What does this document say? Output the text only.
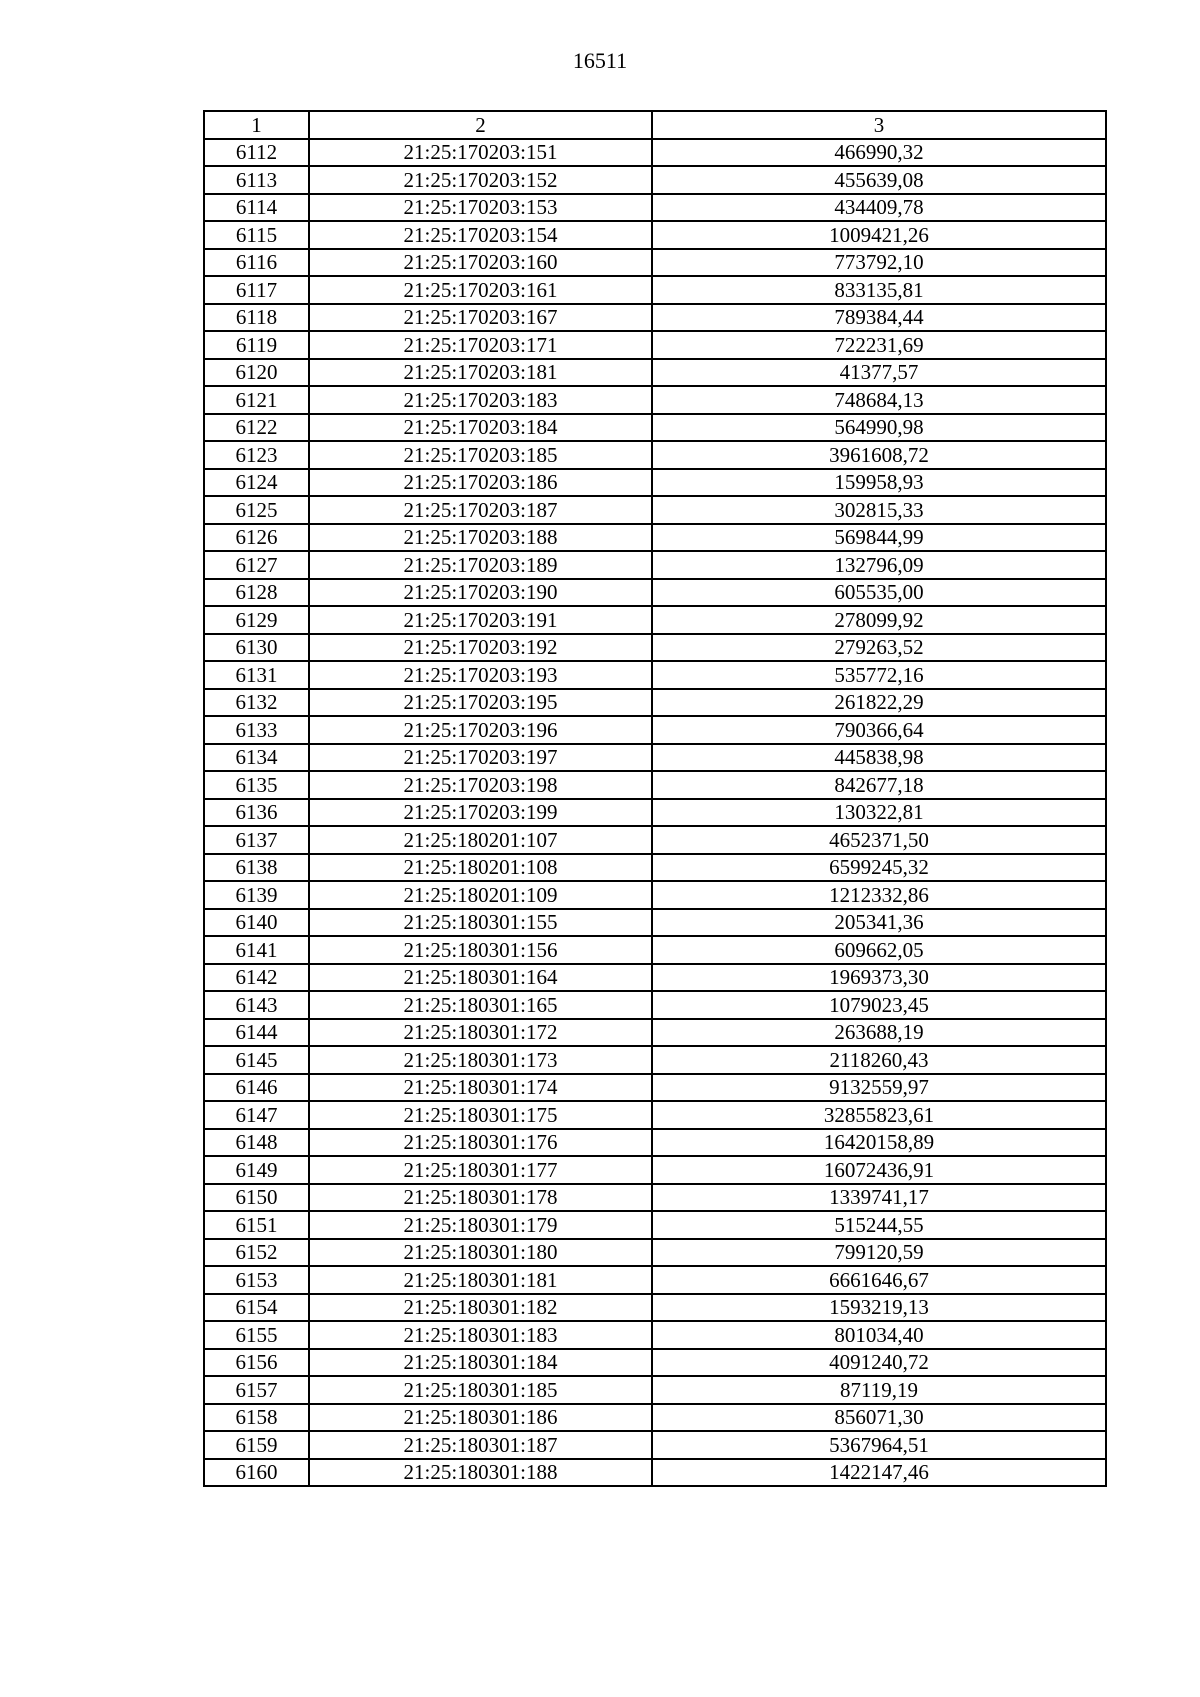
16511
1	2	3
6112	21:25:170203:151	466990,32
6113	21:25:170203:152	455639,08
6114	21:25:170203:153	434409,78
6115	21:25:170203:154	1009421,26
6116	21:25:170203:160	773792,10
6117	21:25:170203:161	833135,81
6118	21:25:170203:167	789384,44
6119	21:25:170203:171	722231,69
6120	21:25:170203:181	41377,57
6121	21:25:170203:183	748684,13
6122	21:25:170203:184	564990,98
6123	21:25:170203:185	3961608,72
6124	21:25:170203:186	159958,93
6125	21:25:170203:187	302815,33
6126	21:25:170203:188	569844,99
6127	21:25:170203:189	132796,09
6128	21:25:170203:190	605535,00
6129	21:25:170203:191	278099,92
6130	21:25:170203:192	279263,52
6131	21:25:170203:193	535772,16
6132	21:25:170203:195	261822,29
6133	21:25:170203:196	790366,64
6134	21:25:170203:197	445838,98
6135	21:25:170203:198	842677,18
6136	21:25:170203:199	130322,81
6137	21:25:180201:107	4652371,50
6138	21:25:180201:108	6599245,32
6139	21:25:180201:109	1212332,86
6140	21:25:180301:155	205341,36
6141	21:25:180301:156	609662,05
6142	21:25:180301:164	1969373,30
6143	21:25:180301:165	1079023,45
6144	21:25:180301:172	263688,19
6145	21:25:180301:173	2118260,43
6146	21:25:180301:174	9132559,97
6147	21:25:180301:175	32855823,61
6148	21:25:180301:176	16420158,89
6149	21:25:180301:177	16072436,91
6150	21:25:180301:178	1339741,17
6151	21:25:180301:179	515244,55
6152	21:25:180301:180	799120,59
6153	21:25:180301:181	6661646,67
6154	21:25:180301:182	1593219,13
6155	21:25:180301:183	801034,40
6156	21:25:180301:184	4091240,72
6157	21:25:180301:185	87119,19
6158	21:25:180301:186	856071,30
6159	21:25:180301:187	5367964,51
6160	21:25:180301:188	1422147,46
